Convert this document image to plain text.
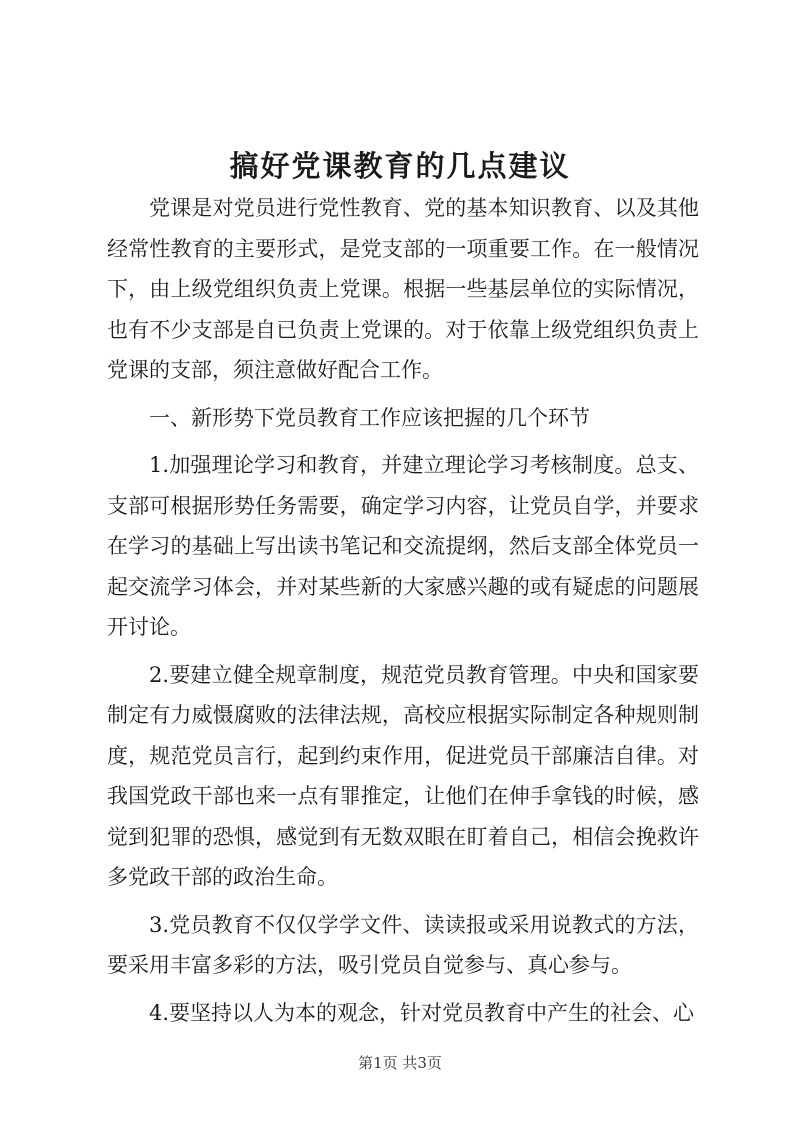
搞好党课教育的几点建议

党课是对党员进行党性教育、党的基本知识教育、以及其他经常性教育的主要形式，是党支部的一项重要工作。在一般情况下，由上级党组织负责上党课。根据一些基层单位的实际情况，也有不少支部是自已负责上党课的。对于依靠上级党组织负责上党课的支部，须注意做好配合工作。

一、新形势下党员教育工作应该把握的几个环节

1.加强理论学习和教育，并建立理论学习考核制度。总支、支部可根据形势任务需要，确定学习内容，让党员自学，并要求在学习的基础上写出读书笔记和交流提纲，然后支部全体党员一起交流学习体会，并对某些新的大家感兴趣的或有疑虑的问题展开讨论。

2.要建立健全规章制度，规范党员教育管理。中央和国家要制定有力威慑腐败的法律法规，高校应根据实际制定各种规则制度，规范党员言行，起到约束作用，促进党员干部廉洁自律。对我国党政干部也来一点有罪推定，让他们在伸手拿钱的时候，感觉到犯罪的恐惧，感觉到有无数双眼在盯着自己，相信会挽救许多党政干部的政治生命。

3.党员教育不仅仅学学文件、读读报或采用说教式的方法，要采用丰富多彩的方法，吸引党员自觉参与、真心参与。

4.要坚持以人为本的观念，针对党员教育中产生的社会、心

第1页 共3页
